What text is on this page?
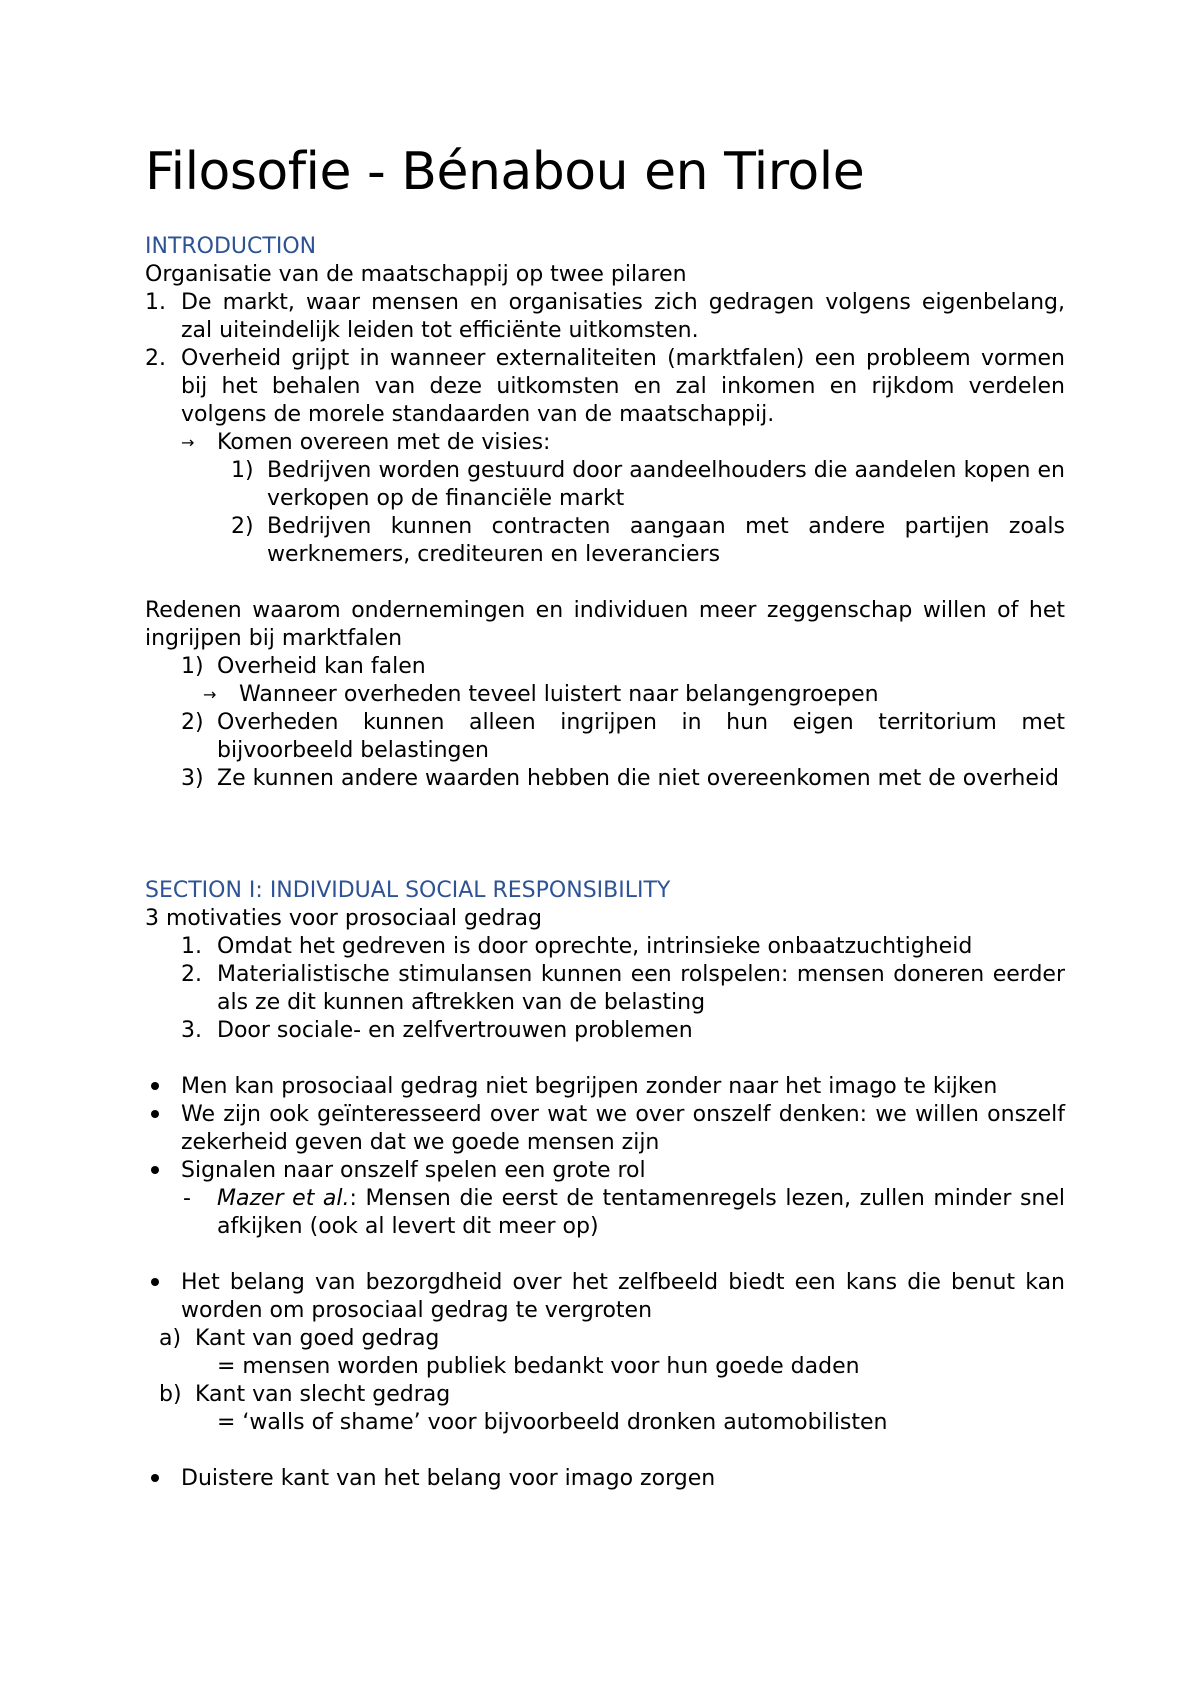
Filosofie - Bénabou en Tirole
INTRODUCTION
Organisatie van de maatschappij op twee pilaren
1. De markt, waar mensen en organisaties zich gedragen volgens eigenbelang, zal uiteindelijk leiden tot efficiënte uitkomsten.
2. Overheid grijpt in wanneer externaliteiten (marktfalen) een probleem vormen bij het behalen van deze uitkomsten en zal inkomen en rijkdom verdelen volgens de morele standaarden van de maatschappij.
→ Komen overeen met de visies:
1) Bedrijven worden gestuurd door aandeelhouders die aandelen kopen en verkopen op de financiële markt
2) Bedrijven kunnen contracten aangaan met andere partijen zoals werknemers, crediteuren en leveranciers
Redenen waarom ondernemingen en individuen meer zeggenschap willen of het ingrijpen bij marktfalen
1) Overheid kan falen
→ Wanneer overheden teveel luistert naar belangengroepen
2) Overheden kunnen alleen ingrijpen in hun eigen territorium met bijvoorbeeld belastingen
3) Ze kunnen andere waarden hebben die niet overeenkomen met de overheid
SECTION I: INDIVIDUAL SOCIAL RESPONSIBILITY
3 motivaties voor prosociaal gedrag
1. Omdat het gedreven is door oprechte, intrinsieke onbaatzuchtigheid
2. Materialistische stimulansen kunnen een rolspelen: mensen doneren eerder als ze dit kunnen aftrekken van de belasting
3. Door sociale- en zelfvertrouwen problemen
Men kan prosociaal gedrag niet begrijpen zonder naar het imago te kijken
We zijn ook geïnteresseerd over wat we over onszelf denken: we willen onszelf zekerheid geven dat we goede mensen zijn
Signalen naar onszelf spelen een grote rol
- Mazer et al.: Mensen die eerst de tentamenregels lezen, zullen minder snel afkijken (ook al levert dit meer op)
Het belang van bezorgdheid over het zelfbeeld biedt een kans die benut kan worden om prosociaal gedrag te vergroten
a) Kant van goed gedrag
= mensen worden publiek bedankt voor hun goede daden
b) Kant van slecht gedrag
= ‘walls of shame’ voor bijvoorbeeld dronken automobilisten
Duistere kant van het belang voor imago zorgen
